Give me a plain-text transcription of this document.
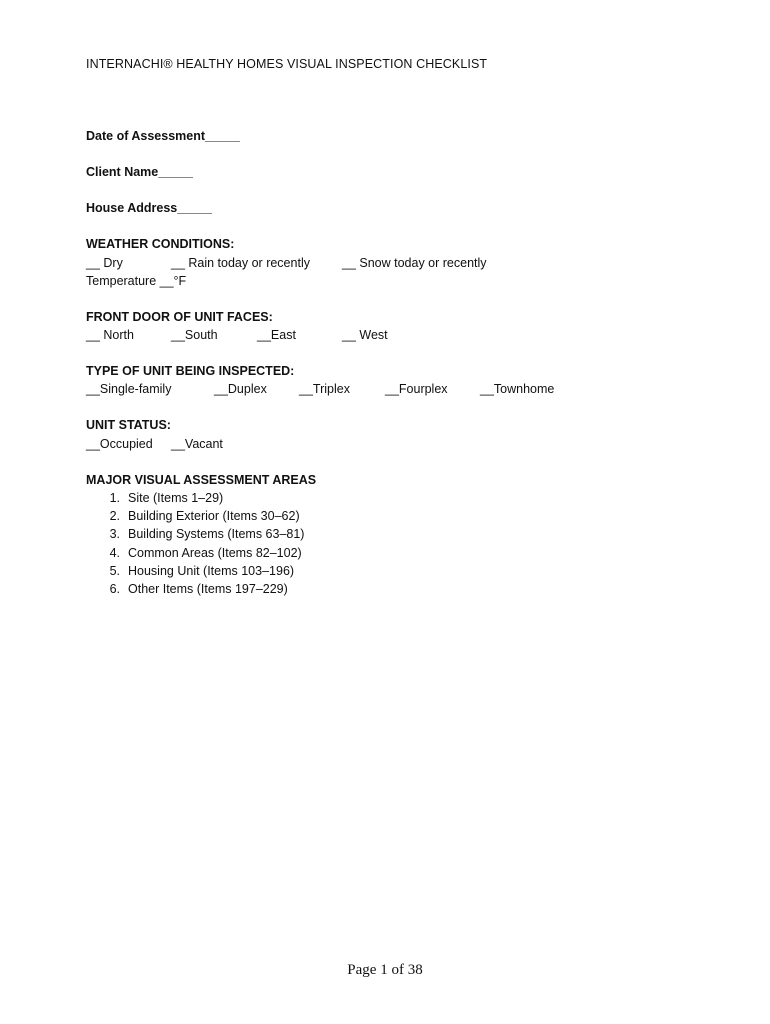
INTERNACHI® HEALTHY HOMES VISUAL INSPECTION CHECKLIST
Date of Assessment_____
Client Name_____
House Address_____
WEATHER CONDITIONS:
__ Dry	__ Rain today or recently	__ Snow today or recently
Temperature __°F
FRONT DOOR OF UNIT FACES:
__ North	__South	__East	__ West
TYPE OF UNIT BEING INSPECTED:
__Single-family	__Duplex	__Triplex	__Fourplex	__Townhome
UNIT STATUS:
__Occupied __Vacant
MAJOR VISUAL ASSESSMENT AREAS
1. Site (Items 1–29)
2. Building Exterior (Items 30–62)
3. Building Systems (Items 63–81)
4. Common Areas (Items 82–102)
5. Housing Unit (Items 103–196)
6. Other Items (Items 197–229)
Page 1 of 38
